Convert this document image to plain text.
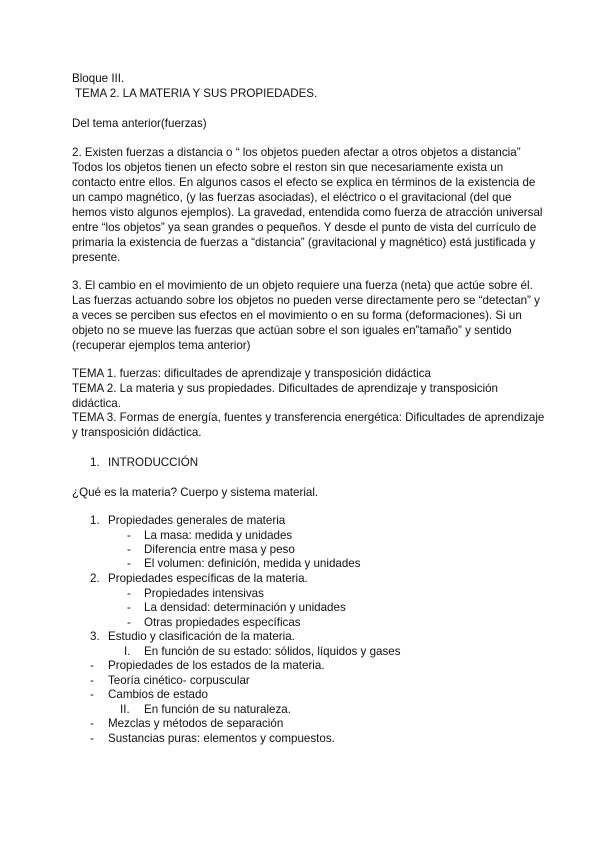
Bloque III.
TEMA 2. LA MATERIA Y SUS PROPIEDADES.
Del tema anterior(fuerzas)
2. Existen fuerzas a distancia o “ los objetos pueden afectar a otros objetos a distancia”
Todos los objetos tienen un efecto sobre el reston sin que necesariamente exista un
contacto entre ellos. En algunos casos el efecto se explica en términos de la existencia de
un campo magnético, (y las fuerzas asociadas), el eléctrico o el gravitacional (del que
hemos visto algunos ejemplos). La gravedad, entendida como fuerza de atracción universal
entre “los objetos” ya sean grandes o pequeños. Y desde el punto de vista del currículo de
primaria la existencia de fuerzas a “distancia” (gravitacional y magnético) está justificada y
presente.
3. El cambio en el movimiento de un objeto requiere una fuerza (neta) que actúe sobre él.
Las fuerzas actuando sobre los objetos no pueden verse directamente pero se “detectan” y
a veces se perciben sus efectos en el movimiento o en su forma (deformaciones). Si un
objeto no se mueve las fuerzas que actúan sobre el son iguales en”tamaño” y sentido
(recuperar ejemplos tema anterior)
TEMA 1. fuerzas: dificultades de aprendizaje y transposición didáctica
TEMA 2. La materia y sus propiedades. Dificultades de aprendizaje y transposición
didáctica.
TEMA 3. Formas de energía, fuentes y transferencia energética: Dificultades de aprendizaje
y transposición didáctica.
1. INTRODUCCIÓN
¿Qué es la materia? Cuerpo y sistema material.
1. Propiedades generales de materia
- La masa: medida y unidades
- Diferencia entre masa y peso
- El volumen: definición, medida y unidades
2. Propiedades específicas de la materia.
- Propiedades intensivas
- La densidad: determinación y unidades
- Otras propiedades específicas
3. Estudio y clasificación de la materia.
I. En función de su estado: sólidos, líquidos y gases
- Propiedades de los estados de la materia.
- Teoría cinético- corpuscular
- Cambios de estado
II. En función de su naturaleza.
- Mezclas y métodos de separación
- Sustancias puras: elementos y compuestos.
